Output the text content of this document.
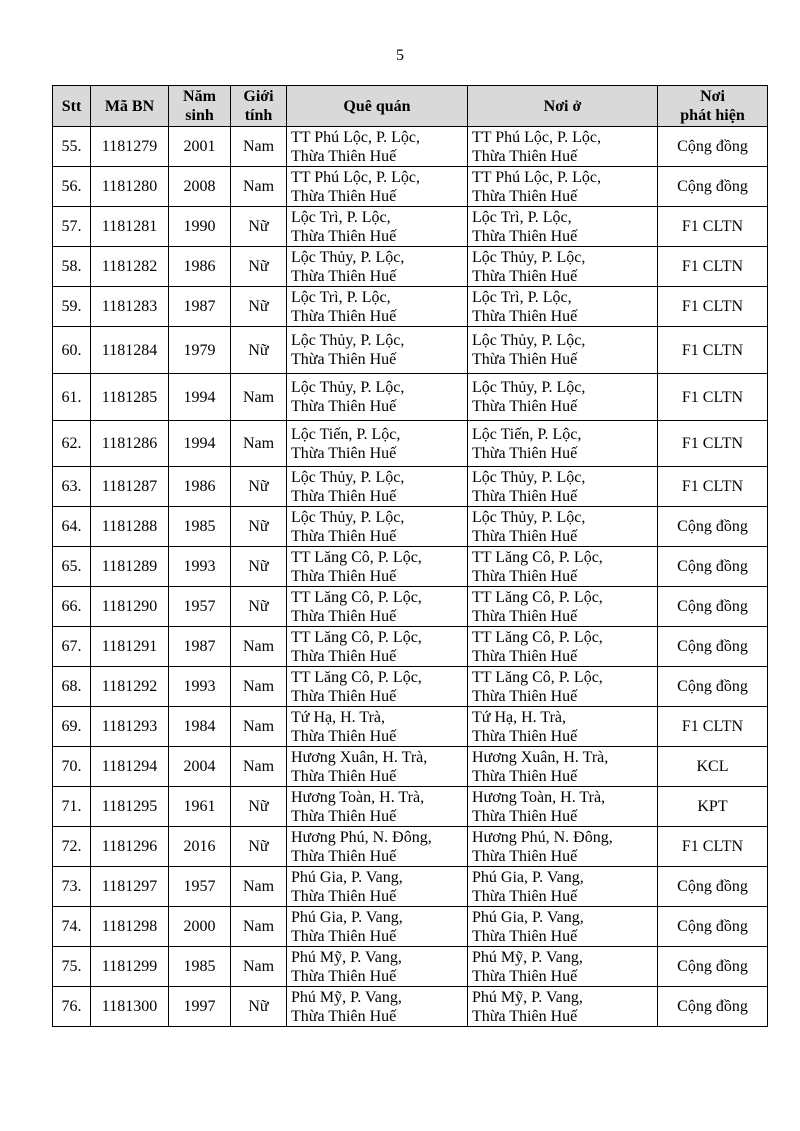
5
Stt	Mã BN	Năm
sinh	Giới
tính	Quê quán	Nơi ở	Nơi
phát hiện

55.	1181279	2001	Nam	TT Phú Lộc, P. Lộc,
Thừa Thiên Huế	TT Phú Lộc, P. Lộc,
Thừa Thiên Huế	Cộng đồng
56.	1181280	2008	Nam	TT Phú Lộc, P. Lộc,
Thừa Thiên Huế	TT Phú Lộc, P. Lộc,
Thừa Thiên Huế	Cộng đồng
57.	1181281	1990	Nữ	Lộc Trì, P. Lộc,
Thừa Thiên Huế	Lộc Trì, P. Lộc,
Thừa Thiên Huế	F1 CLTN
58.	1181282	1986	Nữ	Lộc Thủy, P. Lộc,
Thừa Thiên Huế	Lộc Thủy, P. Lộc,
Thừa Thiên Huế	F1 CLTN
59.	1181283	1987	Nữ	Lộc Trì, P. Lộc,
Thừa Thiên Huế	Lộc Trì, P. Lộc,
Thừa Thiên Huế	F1 CLTN
60.	1181284	1979	Nữ	Lộc Thủy, P. Lộc,
Thừa Thiên Huế	Lộc Thủy, P. Lộc,
Thừa Thiên Huế	F1 CLTN
61.	1181285	1994	Nam	Lộc Thủy, P. Lộc,
Thừa Thiên Huế	Lộc Thủy, P. Lộc,
Thừa Thiên Huế	F1 CLTN
62.	1181286	1994	Nam	Lộc Tiến, P. Lộc,
Thừa Thiên Huế	Lộc Tiến, P. Lộc,
Thừa Thiên Huế	F1 CLTN
63.	1181287	1986	Nữ	Lộc Thủy, P. Lộc,
Thừa Thiên Huế	Lộc Thủy, P. Lộc,
Thừa Thiên Huế	F1 CLTN
64.	1181288	1985	Nữ	Lộc Thủy, P. Lộc,
Thừa Thiên Huế	Lộc Thủy, P. Lộc,
Thừa Thiên Huế	Cộng đồng
65.	1181289	1993	Nữ	TT Lăng Cô, P. Lộc,
Thừa Thiên Huế	TT Lăng Cô, P. Lộc,
Thừa Thiên Huế	Cộng đồng
66.	1181290	1957	Nữ	TT Lăng Cô, P. Lộc,
Thừa Thiên Huế	TT Lăng Cô, P. Lộc,
Thừa Thiên Huế	Cộng đồng
67.	1181291	1987	Nam	TT Lăng Cô, P. Lộc,
Thừa Thiên Huế	TT Lăng Cô, P. Lộc,
Thừa Thiên Huế	Cộng đồng
68.	1181292	1993	Nam	TT Lăng Cô, P. Lộc,
Thừa Thiên Huế	TT Lăng Cô, P. Lộc,
Thừa Thiên Huế	Cộng đồng
69.	1181293	1984	Nam	Tứ Hạ, H. Trà,
Thừa Thiên Huế	Tứ Hạ, H. Trà,
Thừa Thiên Huế	F1 CLTN
70.	1181294	2004	Nam	Hương Xuân, H. Trà,
Thừa Thiên Huế	Hương Xuân, H. Trà,
Thừa Thiên Huế	KCL
71.	1181295	1961	Nữ	Hương Toàn, H. Trà,
Thừa Thiên Huế	Hương Toàn, H. Trà,
Thừa Thiên Huế	KPT
72.	1181296	2016	Nữ	Hương Phú, N. Đông,
Thừa Thiên Huế	Hương Phú, N. Đông,
Thừa Thiên Huế	F1 CLTN
73.	1181297	1957	Nam	Phú Gia, P. Vang,
Thừa Thiên Huế	Phú Gia, P. Vang,
Thừa Thiên Huế	Cộng đồng
74.	1181298	2000	Nam	Phú Gia, P. Vang,
Thừa Thiên Huế	Phú Gia, P. Vang,
Thừa Thiên Huế	Cộng đồng
75.	1181299	1985	Nam	Phú Mỹ, P. Vang,
Thừa Thiên Huế	Phú Mỹ, P. Vang,
Thừa Thiên Huế	Cộng đồng
76.	1181300	1997	Nữ	Phú Mỹ, P. Vang,
Thừa Thiên Huế	Phú Mỹ, P. Vang,
Thừa Thiên Huế	Cộng đồng
